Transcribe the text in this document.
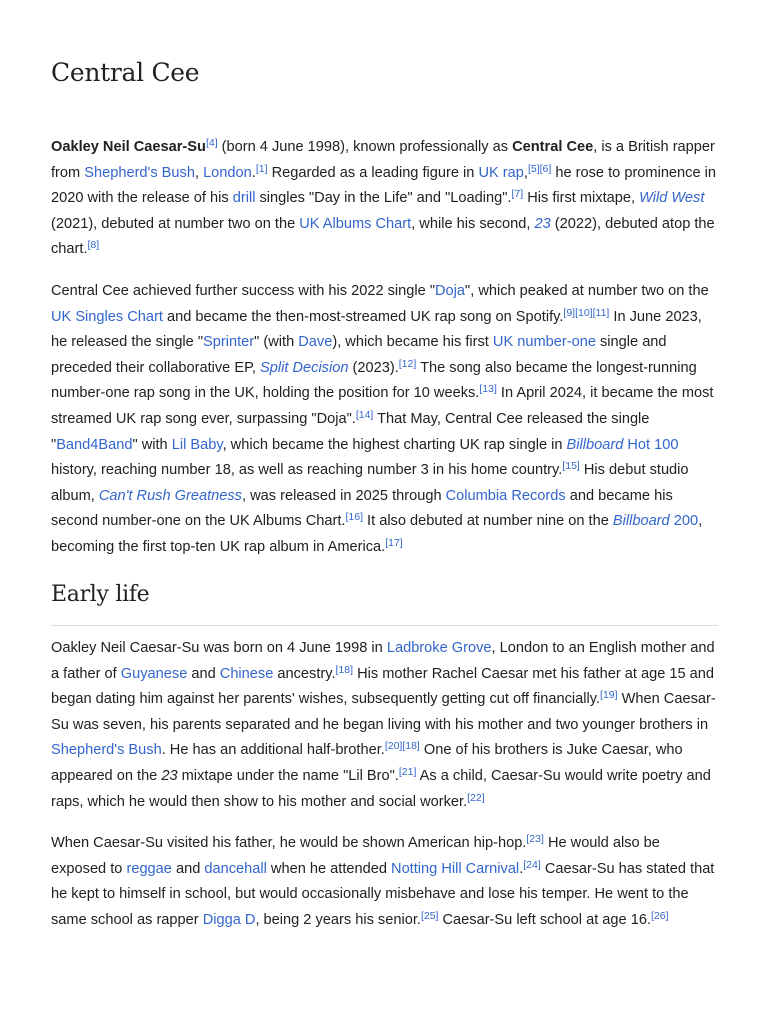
Central Cee

Oakley Neil Caesar-Su[4] (born 4 June 1998), known professionally as Central Cee, is a British rapper from Shepherd's Bush, London.[1] Regarded as a leading figure in UK rap,[5][6] he rose to prominence in 2020 with the release of his drill singles "Day in the Life" and "Loading".[7] His first mixtape, Wild West (2021), debuted at number two on the UK Albums Chart, while his second, 23 (2022), debuted atop the chart.[8]

Central Cee achieved further success with his 2022 single "Doja", which peaked at number two on the UK Singles Chart and became the then-most-streamed UK rap song on Spotify.[9][10][11] In June 2023, he released the single "Sprinter" (with Dave), which became his first UK number-one single and preceded their collaborative EP, Split Decision (2023).[12] The song also became the longest-running number-one rap song in the UK, holding the position for 10 weeks.[13] In April 2024, it became the most streamed UK rap song ever, surpassing "Doja".[14] That May, Central Cee released the single "Band4Band" with Lil Baby, which became the highest charting UK rap single in Billboard Hot 100 history, reaching number 18, as well as reaching number 3 in his home country.[15] His debut studio album, Can't Rush Greatness, was released in 2025 through Columbia Records and became his second number-one on the UK Albums Chart.[16] It also debuted at number nine on the Billboard 200, becoming the first top-ten UK rap album in America.[17]

Early life

Oakley Neil Caesar-Su was born on 4 June 1998 in Ladbroke Grove, London to an English mother and a father of Guyanese and Chinese ancestry.[18] His mother Rachel Caesar met his father at age 15 and began dating him against her parents' wishes, subsequently getting cut off financially.[19] When Caesar-Su was seven, his parents separated and he began living with his mother and two younger brothers in Shepherd's Bush. He has an additional half-brother.[20][18] One of his brothers is Juke Caesar, who appeared on the 23 mixtape under the name "Lil Bro".[21] As a child, Caesar-Su would write poetry and raps, which he would then show to his mother and social worker.[22]

When Caesar-Su visited his father, he would be shown American hip-hop.[23] He would also be exposed to reggae and dancehall when he attended Notting Hill Carnival.[24] Caesar-Su has stated that he kept to himself in school, but would occasionally misbehave and lose his temper. He went to the same school as rapper Digga D, being 2 years his senior.[25] Caesar-Su left school at age 16.[26]
